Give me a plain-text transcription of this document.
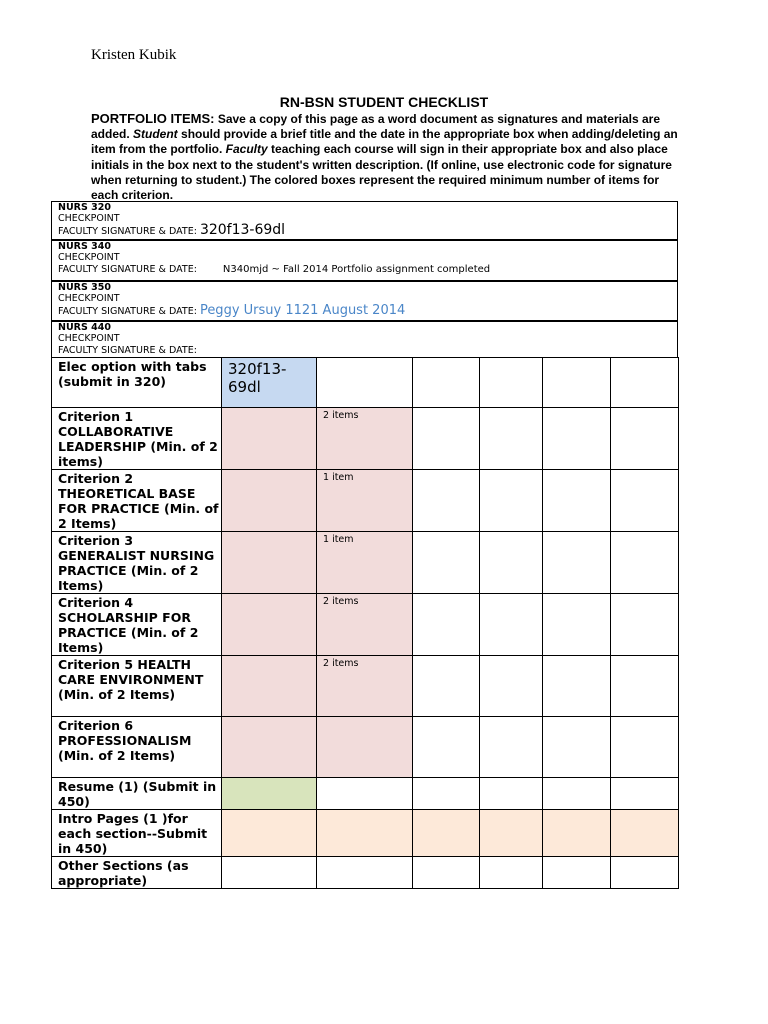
Kristen Kubik
RN-BSN STUDENT CHECKLIST
PORTFOLIO ITEMS: Save a copy of this page as a word document as signatures and materials are added. Student should provide a brief title and the date in the appropriate box when adding/deleting an item from the portfolio. Faculty teaching each course will sign in their appropriate box and also place initials in the box next to the student's written description. (If online, use electronic code for signature when returning to student.) The colored boxes represent the required minimum number of items for each criterion.
NURS 320
CHECKPOINT
FACULTY SIGNATURE & DATE: 320f13-69dl
NURS 340
CHECKPOINT
FACULTY SIGNATURE & DATE:	N340mjd ~ Fall 2014 Portfolio assignment completed
NURS 350
CHECKPOINT
FACULTY SIGNATURE & DATE: Peggy Ursuy 1121 August 2014
NURS 440
CHECKPOINT
FACULTY SIGNATURE & DATE:
Elec option with tabs (submit in 320)	320f13-69dl					
Criterion 1 COLLABORATIVE LEADERSHIP (Min. of 2 items)		2 items				
Criterion 2 THEORETICAL BASE FOR PRACTICE (Min. of 2 Items)		1 item				
Criterion 3 GENERALIST NURSING PRACTICE (Min. of 2 Items)		1 item				
Criterion 4 SCHOLARSHIP FOR PRACTICE (Min. of 2 Items)		2 items				
Criterion 5 HEALTH CARE ENVIRONMENT (Min. of 2 Items)		2 items				
Criterion 6 PROFESSIONALISM (Min. of 2 Items)						
Resume (1) (Submit in 450)						
Intro Pages (1 )for each section--Submit in 450)						
Other Sections (as appropriate)						
